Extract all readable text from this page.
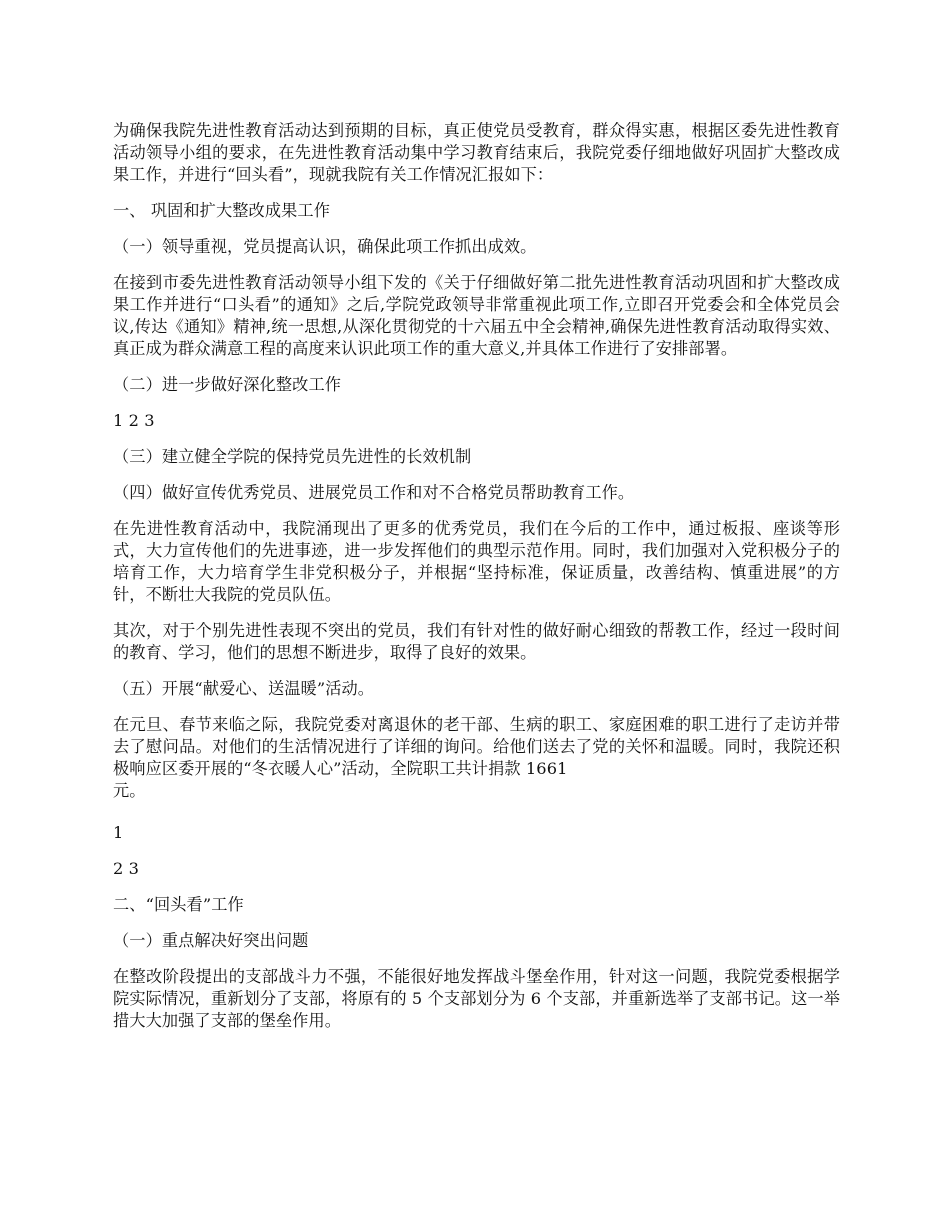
为确保我院先进性教育活动达到预期的目标，真正使党员受教育，群众得实惠，根据区委先进性教育活动领导小组的要求，在先进性教育活动集中学习教育结束后，我院党委仔细地做好巩固扩大整改成果工作，并进行“回头看”，现就我院有关工作情况汇报如下：

一、 巩固和扩大整改成果工作

（一）领导重视，党员提高认识，确保此项工作抓出成效。

在接到市委先进性教育活动领导小组下发的《关于仔细做好第二批先进性教育活动巩固和扩大整改成果工作并进行“口头看”的通知》之后,学院党政领导非常重视此项工作,立即召开党委会和全体党员会议,传达《通知》精神,统一思想,从深化贯彻党的十六届五中全会精神,确保先进性教育活动取得实效、真正成为群众满意工程的高度来认识此项工作的重大意义,并具体工作进行了安排部署。

（二）进一步做好深化整改工作

1 2 3

（三）建立健全学院的保持党员先进性的长效机制

（四）做好宣传优秀党员、进展党员工作和对不合格党员帮助教育工作。

在先进性教育活动中，我院涌现出了更多的优秀党员，我们在今后的工作中，通过板报、座谈等形式，大力宣传他们的先进事迹，进一步发挥他们的典型示范作用。同时，我们加强对入党积极分子的培育工作，大力培育学生非党积极分子，并根据“坚持标准，保证质量，改善结构、慎重进展”的方针，不断壮大我院的党员队伍。

其次，对于个别先进性表现不突出的党员，我们有针对性的做好耐心细致的帮教工作，经过一段时间的教育、学习，他们的思想不断进步，取得了良好的效果。

（五）开展“献爱心、送温暖”活动。

在元旦、春节来临之际，我院党委对离退休的老干部、生病的职工、家庭困难的职工进行了走访并带去了慰问品。对他们的生活情况进行了详细的询问。给他们送去了党的关怀和温暖。同时，我院还积极响应区委开展的“冬衣暖人心”活动，全院职工共计捐款 1661

元。

1

2 3

二、“回头看”工作

（一）重点解决好突出问题

在整改阶段提出的支部战斗力不强，不能很好地发挥战斗堡垒作用，针对这一问题，我院党委根据学院实际情况，重新划分了支部，将原有的 5 个支部划分为 6 个支部，并重新选举了支部书记。这一举措大大加强了支部的堡垒作用。
